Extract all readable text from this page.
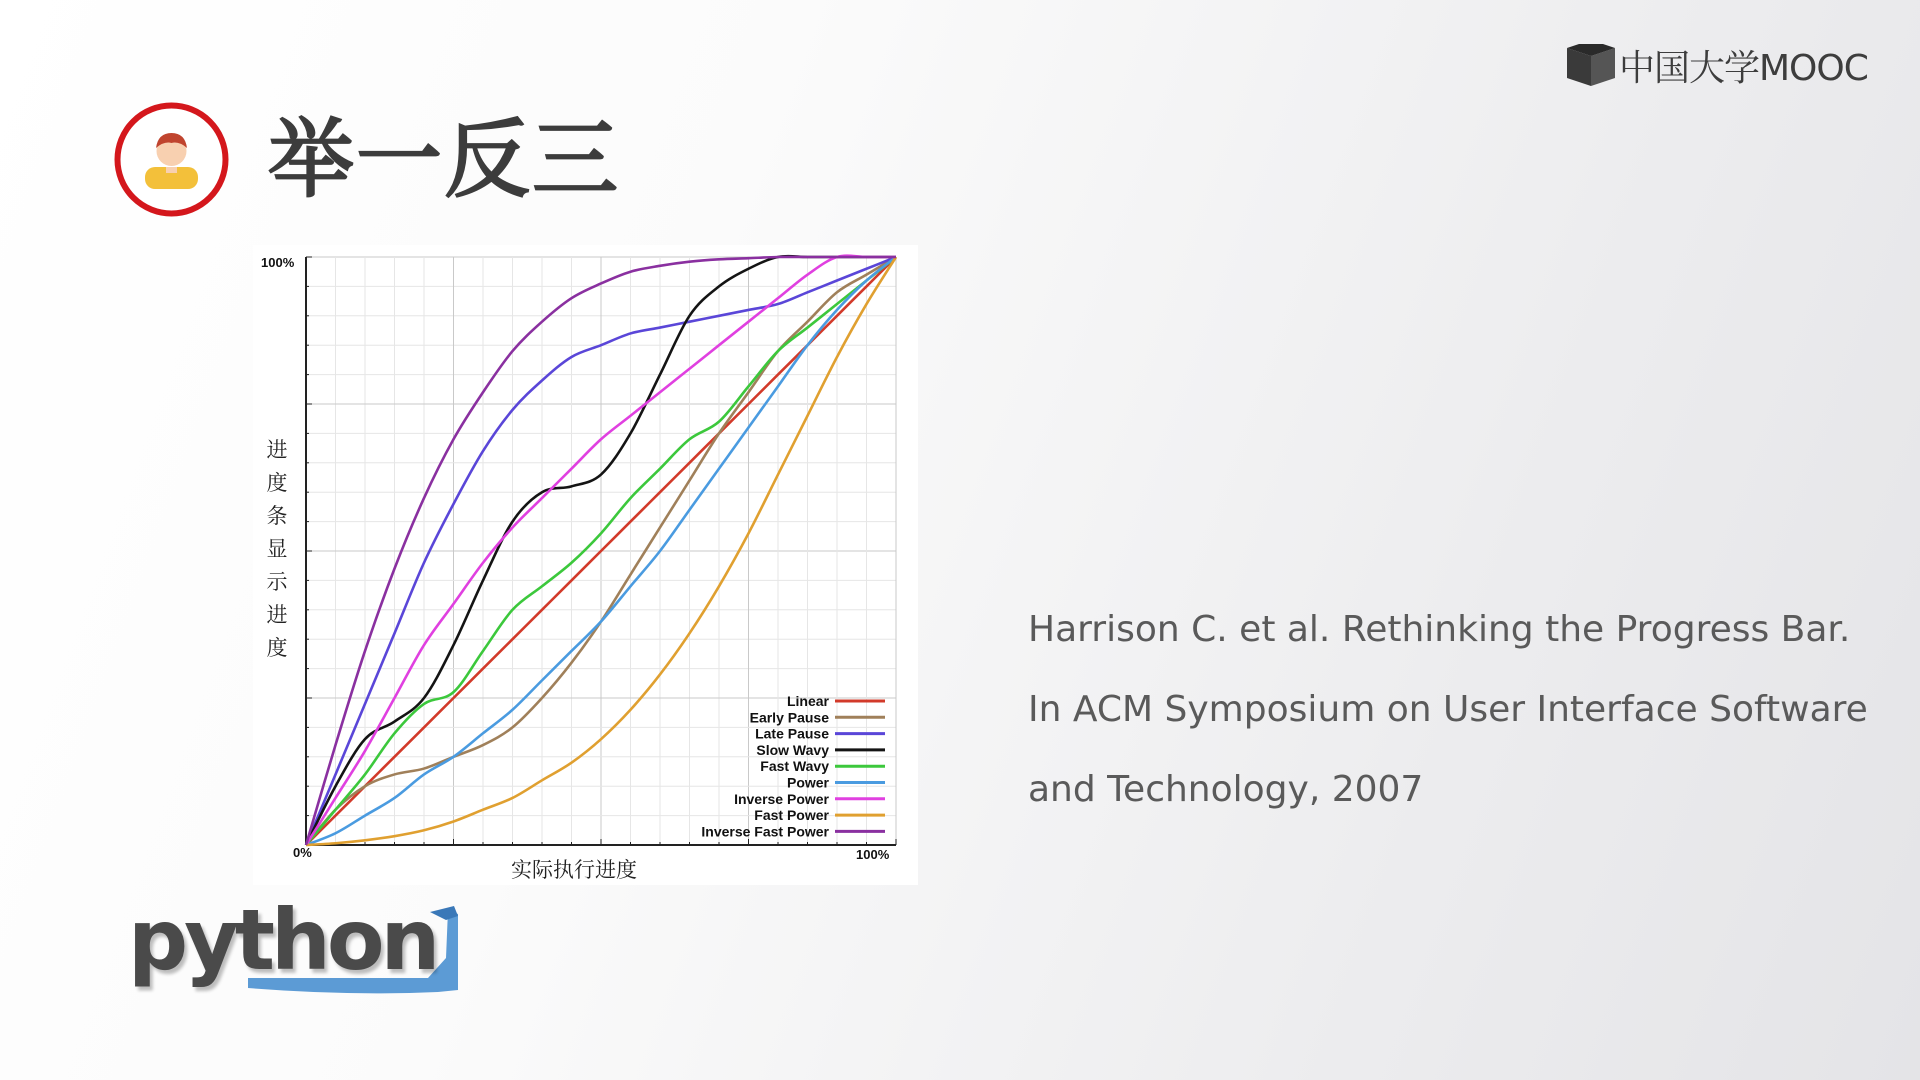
中国大学MOOC
举一反三
Linear
Early Pause
Late Pause
Slow Wavy
Fast Wavy
Power
Inverse Power
Fast Power
Inverse Fast Power
100%
0%	100%
实际执行进度
进度条显示进度	Harrison C. et al. Rethinking the Progress Bar.
In ACM Symposium on User Interface Software
and Technology, 2007
python
